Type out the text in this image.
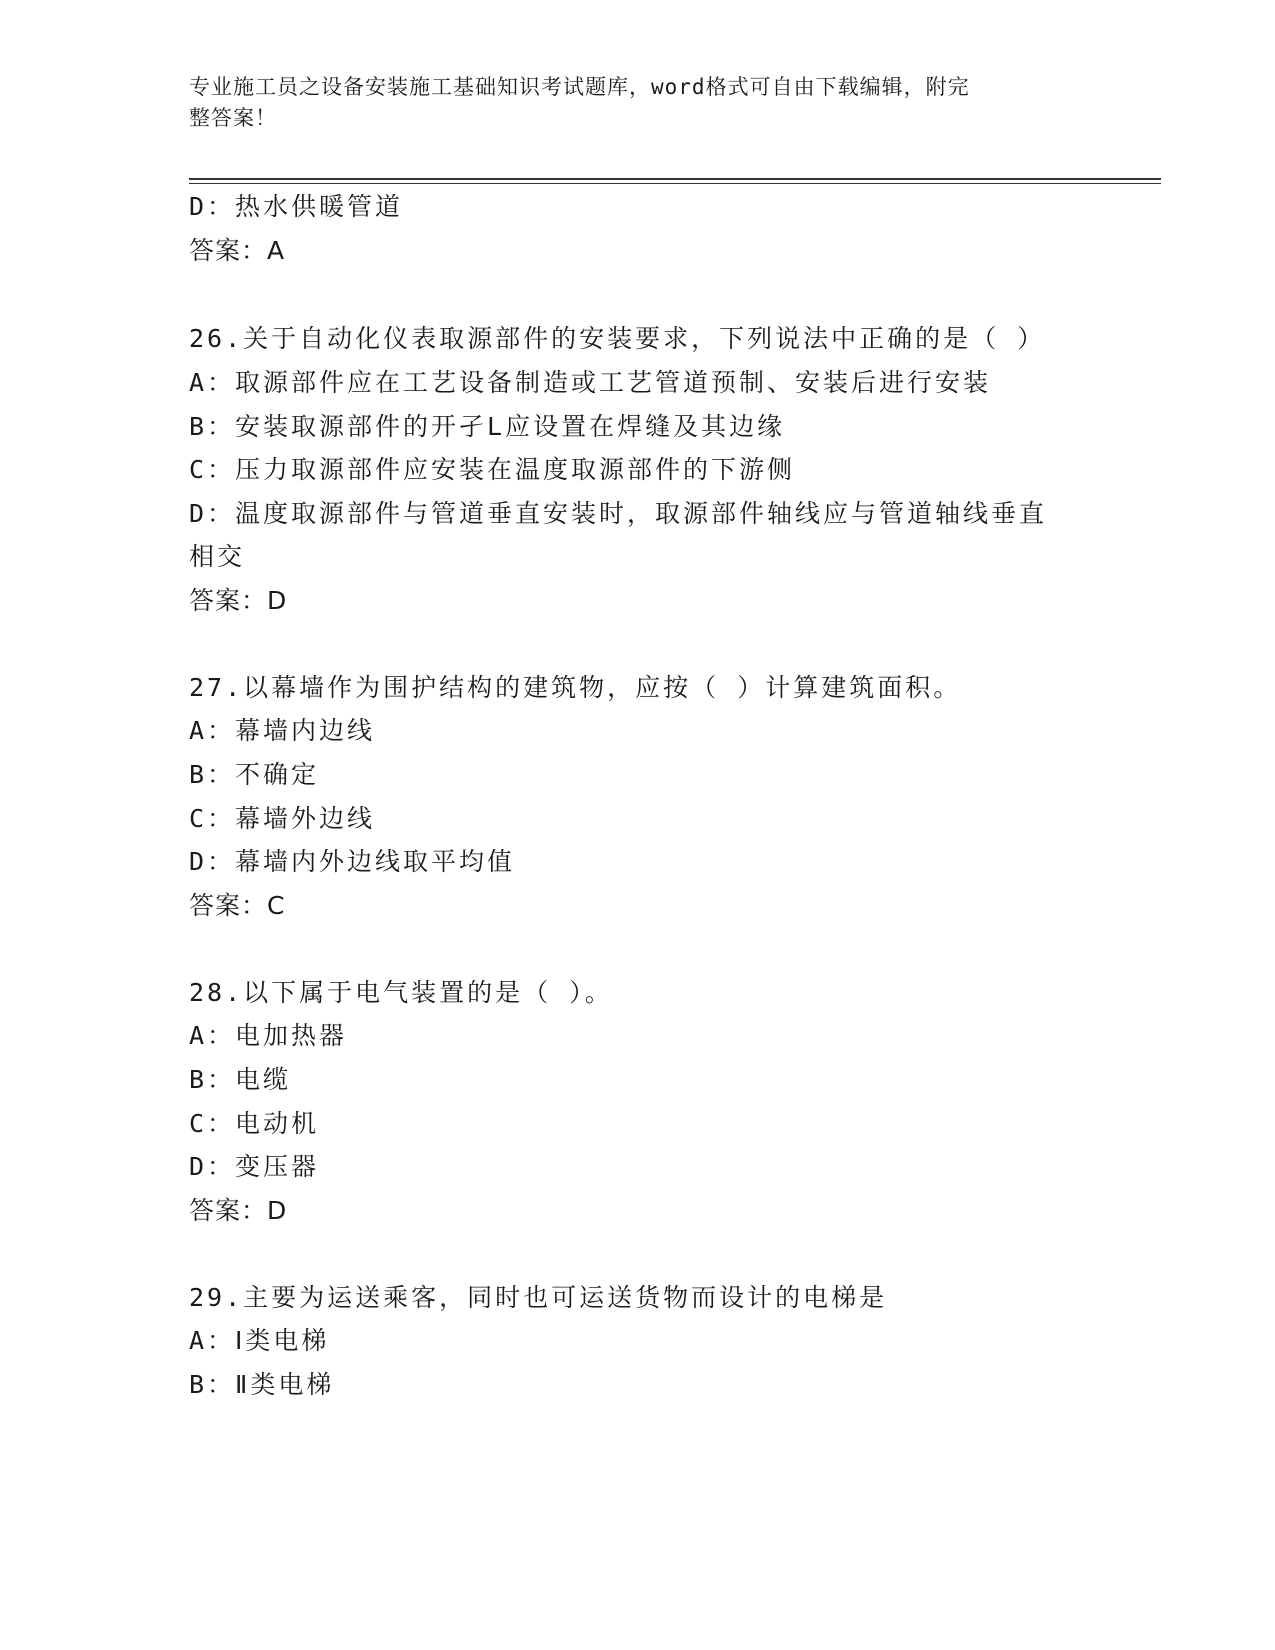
专业施工员之设备安装施工基础知识考试题库，word格式可自由下载编辑，附完
整答案！
D：热水供暖管道
答案：A
26.关于自动化仪表取源部件的安装要求，下列说法中正确的是（ ）
A：取源部件应在工艺设备制造或工艺管道预制、安装后进行安装
B：安装取源部件的开孑L应设置在焊缝及其边缘
C：压力取源部件应安装在温度取源部件的下游侧
D：温度取源部件与管道垂直安装时，取源部件轴线应与管道轴线垂直
相交
答案：D
27.以幕墙作为围护结构的建筑物，应按（ ）计算建筑面积。
A：幕墙内边线
B：不确定
C：幕墙外边线
D：幕墙内外边线取平均值
答案：C
28.以下属于电气装置的是（ ）。
A：电加热器
B：电缆
C：电动机
D：变压器
答案：D
29.主要为运送乘客，同时也可运送货物而设计的电梯是
A：Ⅰ类电梯
B：Ⅱ类电梯
